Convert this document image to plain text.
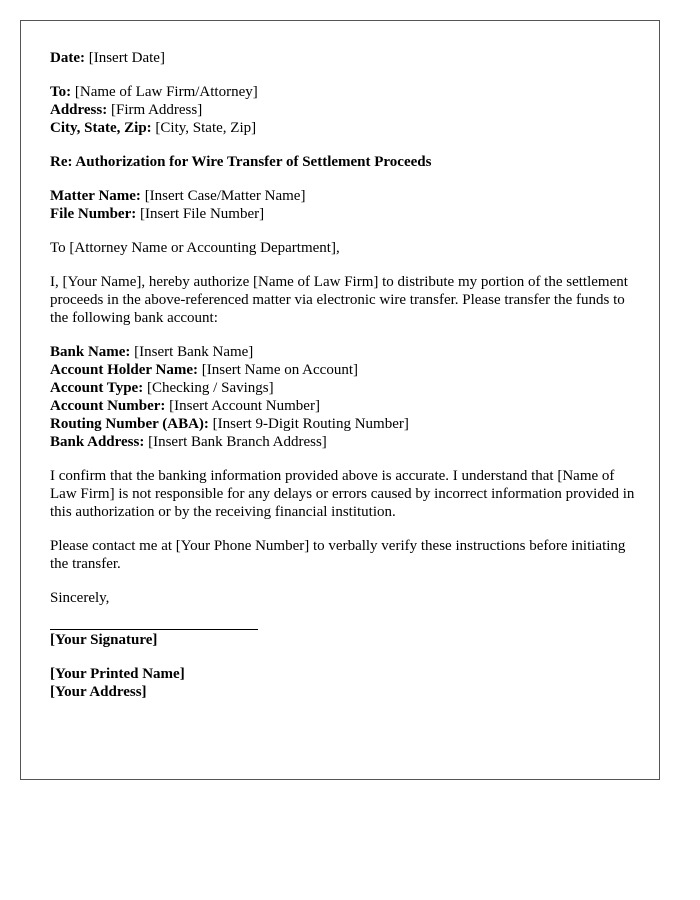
Date: [Insert Date]
To: [Name of Law Firm/Attorney]
Address: [Firm Address]
City, State, Zip: [City, State, Zip]
Re: Authorization for Wire Transfer of Settlement Proceeds
Matter Name: [Insert Case/Matter Name]
File Number: [Insert File Number]

To [Attorney Name or Accounting Department],

I, [Your Name], hereby authorize [Name of Law Firm] to distribute my portion of the settlement proceeds in the above-referenced matter via electronic wire transfer. Please transfer the funds to the following bank account:

Bank Name: [Insert Bank Name]
Account Holder Name: [Insert Name on Account]
Account Type: [Checking / Savings]
Account Number: [Insert Account Number]
Routing Number (ABA): [Insert 9-Digit Routing Number]
Bank Address: [Insert Bank Branch Address]

I confirm that the banking information provided above is accurate. I understand that [Name of Law Firm] is not responsible for any delays or errors caused by incorrect information provided in this authorization or by the receiving financial institution.

Please contact me at [Your Phone Number] to verbally verify these instructions before initiating the transfer.

Sincerely,

[Your Signature]
[Your Printed Name]
[Your Address]
